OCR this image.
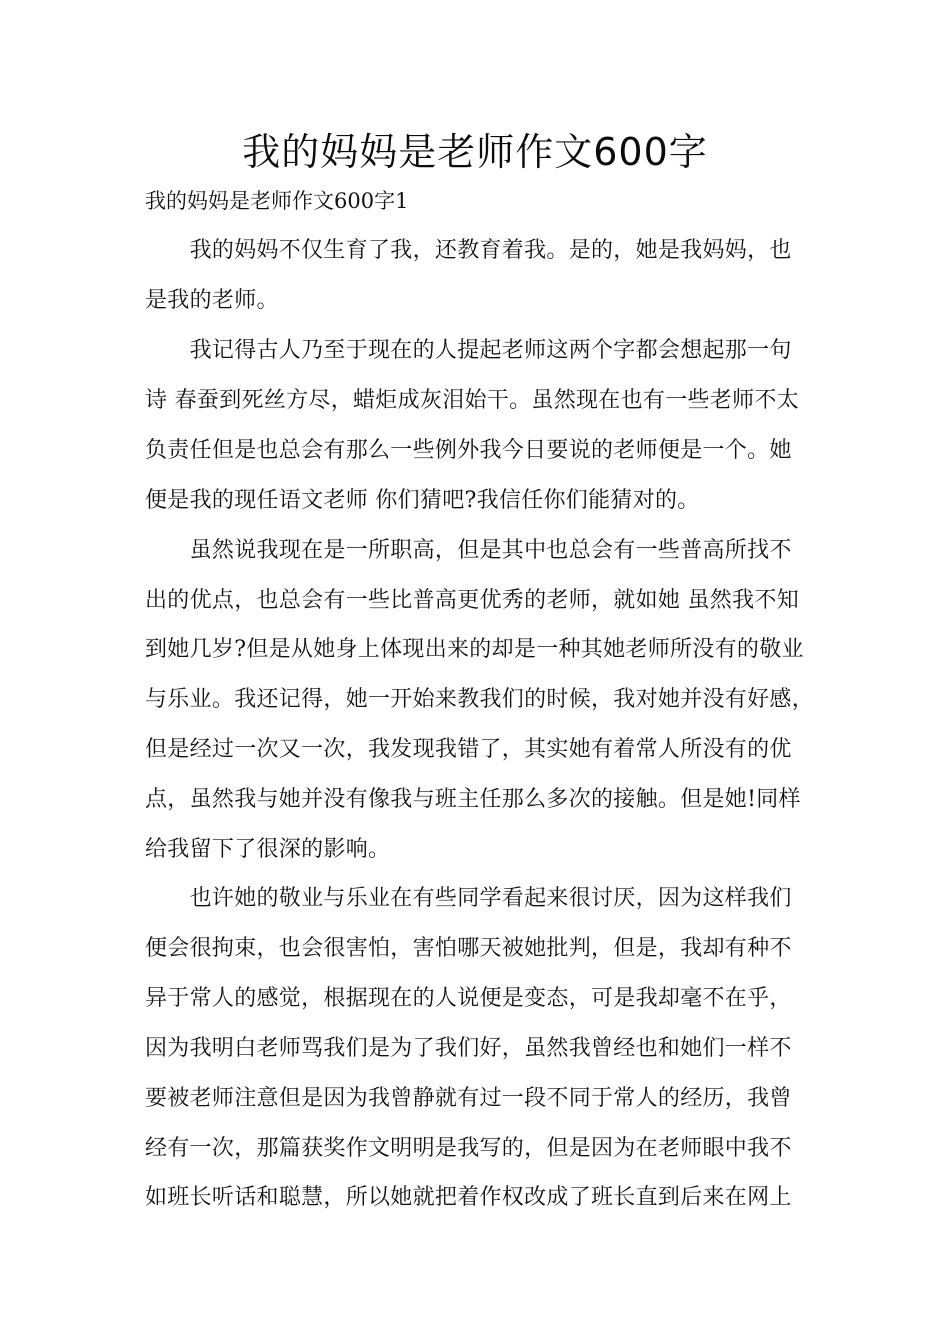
我的妈妈是老师作文600字
我的妈妈是老师作文600字1
　　我的妈妈不仅生育了我，还教育着我。是的，她是我妈妈，也
是我的老师。
　　我记得古人乃至于现在的人提起老师这两个字都会想起那一句
诗 春蚕到死丝方尽，蜡炬成灰泪始干。虽然现在也有一些老师不太
负责任但是也总会有那么一些例外我今日要说的老师便是一个。她
便是我的现任语文老师 你们猜吧?我信任你们能猜对的。
　　虽然说我现在是一所职高，但是其中也总会有一些普高所找不
出的优点，也总会有一些比普高更优秀的老师，就如她 虽然我不知
到她几岁?但是从她身上体现出来的却是一种其她老师所没有的敬业
与乐业。我还记得，她一开始来教我们的时候，我对她并没有好感，
但是经过一次又一次，我发现我错了，其实她有着常人所没有的优
点，虽然我与她并没有像我与班主任那么多次的接触。但是她!同样
给我留下了很深的影响。
　　也许她的敬业与乐业在有些同学看起来很讨厌，因为这样我们
便会很拘束，也会很害怕，害怕哪天被她批判，但是，我却有种不
异于常人的感觉，根据现在的人说便是变态，可是我却毫不在乎，
因为我明白老师骂我们是为了我们好，虽然我曾经也和她们一样不
要被老师注意但是因为我曾静就有过一段不同于常人的经历，我曾
经有一次，那篇获奖作文明明是我写的，但是因为在老师眼中我不
如班长听话和聪慧，所以她就把着作权改成了班长直到后来在网上
